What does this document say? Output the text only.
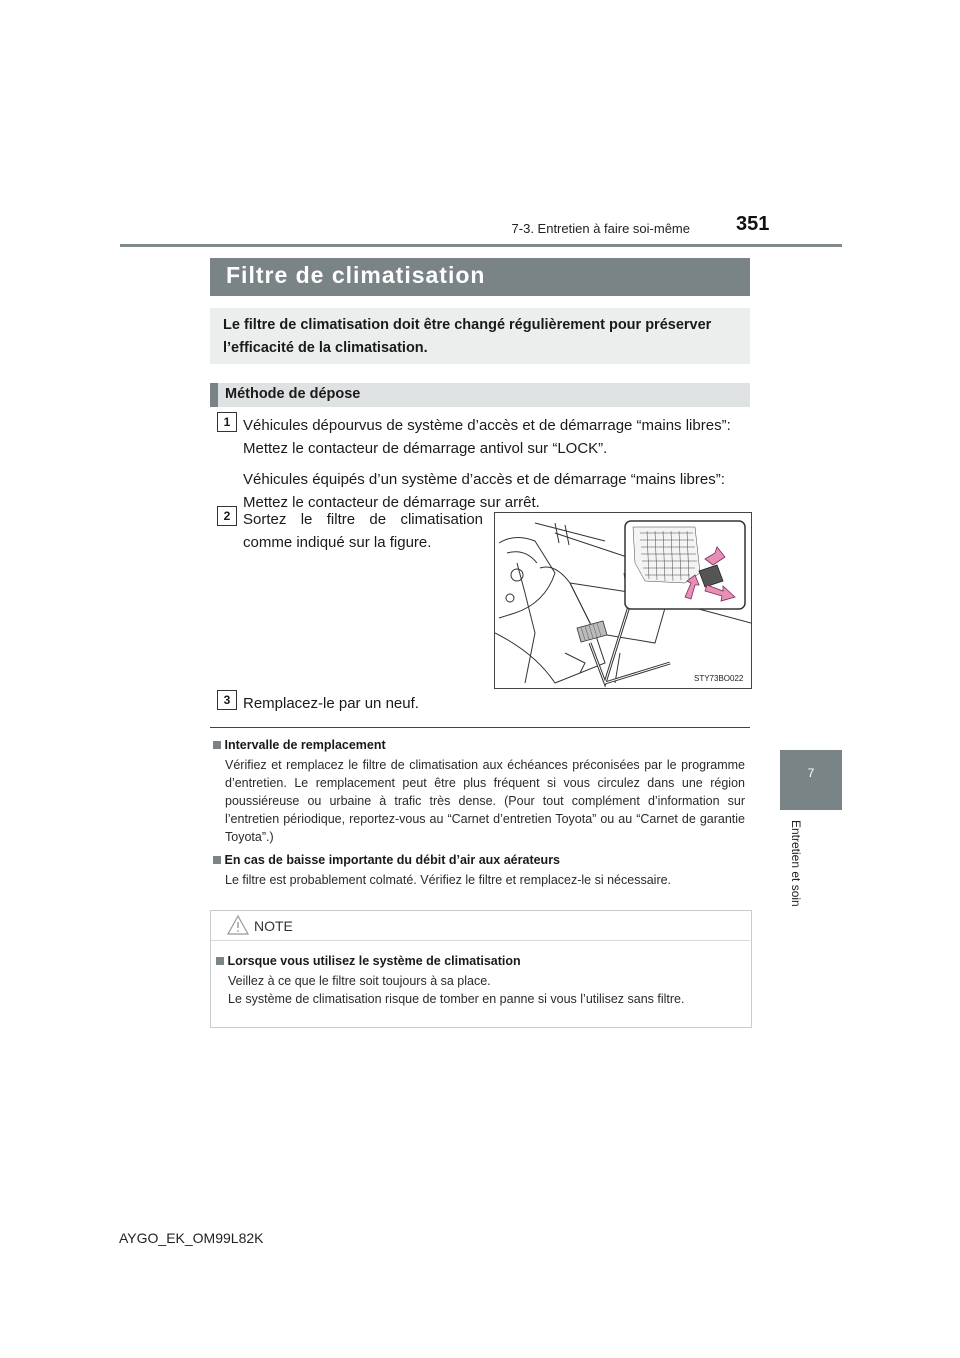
7-3. Entretien à faire soi-même 351
7
Entretien et soin
Filtre de climatisation
Le filtre de climatisation doit être changé régulièrement pour préserver l’efficacité de la climatisation.
Méthode de dépose
1 Véhicules dépourvus de système d’accès et de démarrage “mains libres”:
Mettez le contacteur de démarrage antivol sur “LOCK”.
Véhicules équipés d’un système d’accès et de démarrage “mains libres”:
Mettez le contacteur de démarrage sur arrêt.
2 Sortez le filtre de climatisation
comme indiqué sur la figure.
STY73BO022
3 Remplacez-le par un neuf.
Intervalle de remplacement
Vérifiez et remplacez le filtre de climatisation aux échéances préconisées par le programme d’entretien. Le remplacement peut être plus fréquent si vous circulez dans une région poussiéreuse ou urbaine à trafic très dense. (Pour tout complément d’information sur l’entretien périodique, reportez-vous au “Carnet d’entretien Toyota” ou au “Carnet de garantie Toyota”.)
En cas de baisse importante du débit d’air aux aérateurs
Le filtre est probablement colmaté. Vérifiez le filtre et remplacez-le si nécessaire.
NOTE
Lorsque vous utilisez le système de climatisation
Veillez à ce que le filtre soit toujours à sa place.
Le système de climatisation risque de tomber en panne si vous l’utilisez sans filtre.
AYGO_EK_OM99L82K
